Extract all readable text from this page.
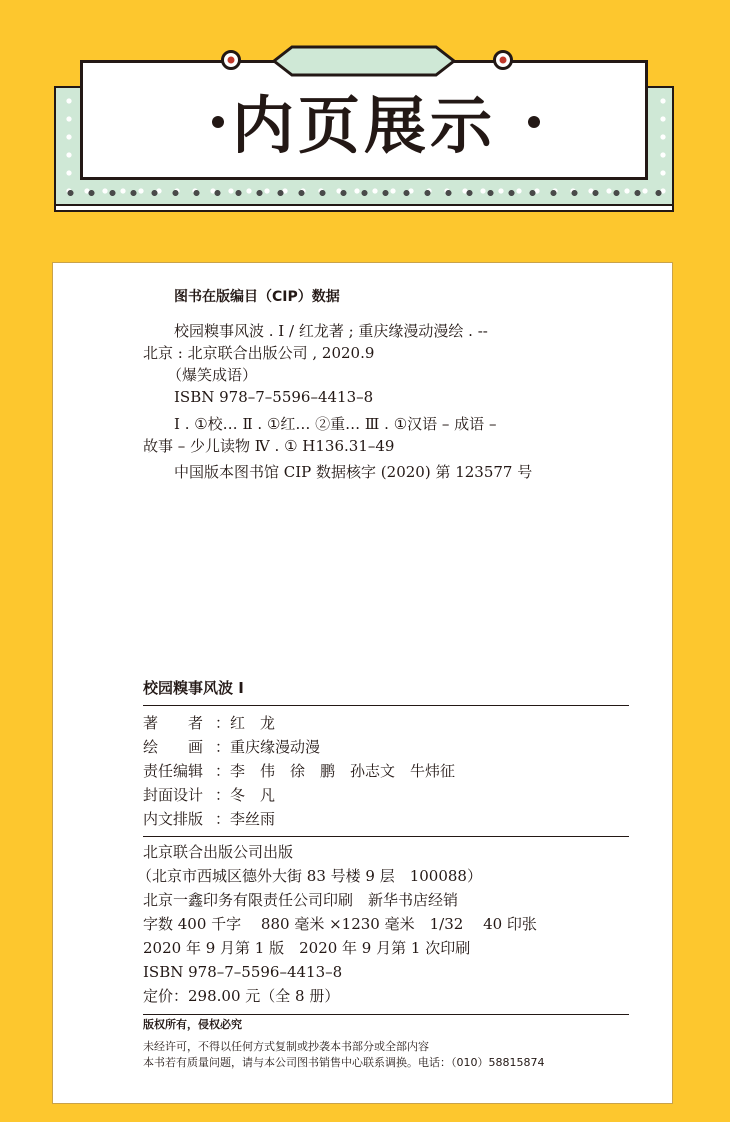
内页展示
图书在版编目（CIP）数据
校园糗事风波 . Ⅰ / 红龙著 ; 重庆缘漫动漫绘 . --
北京 : 北京联合出版公司 , 2020.9
（爆笑成语）
ISBN 978–7–5596–4413–8
Ⅰ . ①校… Ⅱ . ①红… ②重… Ⅲ . ①汉语 – 成语 –
故事 – 少儿读物 Ⅳ . ① H136.31–49
中国版本图书馆 CIP 数据核字 (2020) 第 123577 号
校园糗事风波 Ⅰ
著　　者 ：红　龙
绘　　画 ：重庆缘漫动漫
责任编辑 ：李　伟　徐　鹏　孙志文　牛炜征
封面设计 ：冬　凡
内文排版 ：李丝雨
北京联合出版公司出版
（北京市西城区德外大街 83 号楼 9 层　100088）
北京一鑫印务有限责任公司印刷　新华书店经销
字数 400 千字　 880 毫米 ×1230 毫米　1/32　 40 印张
2020 年 9 月第 1 版　2020 年 9 月第 1 次印刷
ISBN 978–7–5596–4413–8
定价：298.00 元（全 8 册）
版权所有，侵权必究
未经许可，不得以任何方式复制或抄袭本书部分或全部内容
本书若有质量问题，请与本公司图书销售中心联系调换。电话：（010）58815874
